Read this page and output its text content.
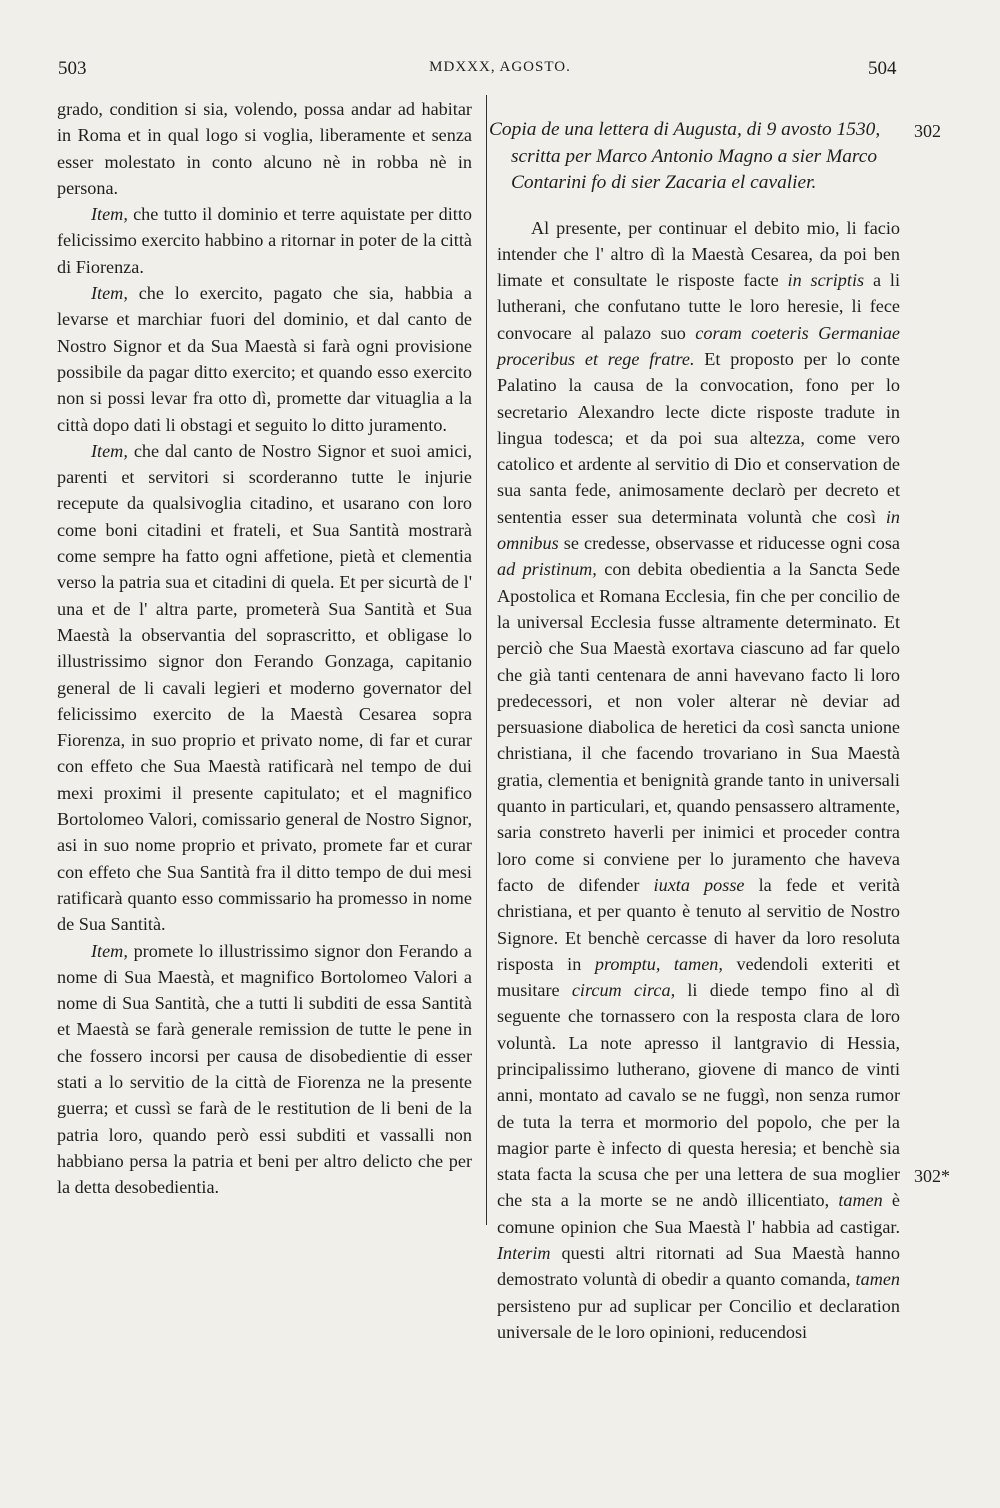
503	MDXXX, AGOSTO.	504

grado, condition si sia, volendo, possa andar ad habitar in Roma et in qual logo si voglia, liberamente et senza esser molestato in conto alcuno nè in robba nè in persona.

Item, che tutto il dominio et terre aquistate per ditto felicissimo exercito habbino a ritornar in poter de la città di Fiorenza.

Item, che lo exercito, pagato che sia, habbia a levarse et marchiar fuori del dominio, et dal canto de Nostro Signor et da Sua Maestà si farà ogni provisione possibile da pagar ditto exercito; et quando esso exercito non si possi levar fra otto dì, promette dar vituaglia a la città dopo dati li obstagi et seguito lo ditto juramento.

Item, che dal canto de Nostro Signor et suoi amici, parenti et servitori si scorderanno tutte le injurie recepute da qualsivoglia citadino, et usarano con loro come boni citadini et frateli, et Sua Santità mostrarà come sempre ha fatto ogni affetione, pietà et clementia verso la patria sua et citadini di quela. Et per sicurtà de l' una et de l' altra parte, prometerà Sua Santità et Sua Maestà la observantia del soprascritto, et obligase lo illustrissimo signor don Ferando Gonzaga, capitanio general de li cavali legieri et moderno governator del felicissimo exercito de la Maestà Cesarea sopra Fiorenza, in suo proprio et privato nome, di far et curar con effeto che Sua Maestà ratificarà nel tempo de dui mexi proximi il presente capitulato; et el magnifico Bortolomeo Valori, comissario general de Nostro Signor, asi in suo nome proprio et privato, promete far et curar con effeto che Sua Santità fra il ditto tempo de dui mesi ratificarà quanto esso commissario ha promesso in nome de Sua Santità.

Item, promete lo illustrissimo signor don Ferando a nome di Sua Maestà, et magnifico Bortolomeo Valori a nome di Sua Santità, che a tutti li subditi de essa Santità et Maestà se farà generale remission de tutte le pene in che fossero incorsi per causa de disobedientie di esser stati a lo servitio de la città de Fiorenza ne la presente guerra; et cussì se farà de le restitution de li beni de la patria loro, quando però essi subditi et vassalli non habbiano persa la patria et beni per altro delicto che per la detta desobedientia.

Copia de una lettera di Augusta, di 9 avosto 1530, scritta per Marco Antonio Magno a sier Marco Contarini fo di sier Zacaria el cavalier.

Al presente, per continuar el debito mio, li facio intender che l' altro dì la Maestà Cesarea, da poi ben limate et consultate le risposte facte in scriptis a li lutherani, che confutano tutte le loro heresie, li fece convocare al palazo suo coram coeteris Germaniae proceribus et rege fratre. Et proposto per lo conte Palatino la causa de la convocation, fono per lo secretario Alexandro lecte dicte risposte tradute in lingua todesca; et da poi sua altezza, come vero catolico et ardente al servitio di Dio et conservation de sua santa fede, animosamente declarò per decreto et sententia esser sua determinata voluntà che così in omnibus se credesse, observasse et riducesse ogni cosa ad pristinum, con debita obedientia a la Sancta Sede Apostolica et Romana Ecclesia, fin che per concilio de la universal Ecclesia fusse altramente determinato. Et perciò che Sua Maestà exortava ciascuno ad far quelo che già tanti centenara de anni havevano facto li loro predecessori, et non voler alterar nè deviar ad persuasione diabolica de heretici da così sancta unione christiana, il che facendo trovariano in Sua Maestà gratia, clementia et benignità grande tanto in universali quanto in particulari, et, quando pensassero altramente, saria constreto haverli per inimici et proceder contra loro come si conviene per lo juramento che haveva facto de difender iuxta posse la fede et verità christiana, et per quanto è tenuto al servitio de Nostro Signore. Et benchè cercasse di haver da loro resoluta risposta in promptu, tamen, vedendoli exteriti et musitare circum circa, li diede tempo fino al dì seguente che tornassero con la resposta clara de loro voluntà. La note apresso il lantgravio di Hessia, principalissimo lutherano, giovene di manco de vinti anni, montato ad cavalo se ne fuggì, non senza rumor de tuta la terra et mormorio del popolo, che per la magior parte è infecto di questa heresia; et benchè sia stata facta la scusa che per una lettera de sua moglier che sta a la morte se ne andò illicentiato, tamen è comune opinion che Sua Maestà l' habbia ad castigar. Interim questi altri ritornati ad Sua Maestà hanno demostrato voluntà di obedir a quanto comanda, tamen persisteno pur ad suplicar per Concilio et declaration universale de le loro opinioni, reducendosi

302
302*
